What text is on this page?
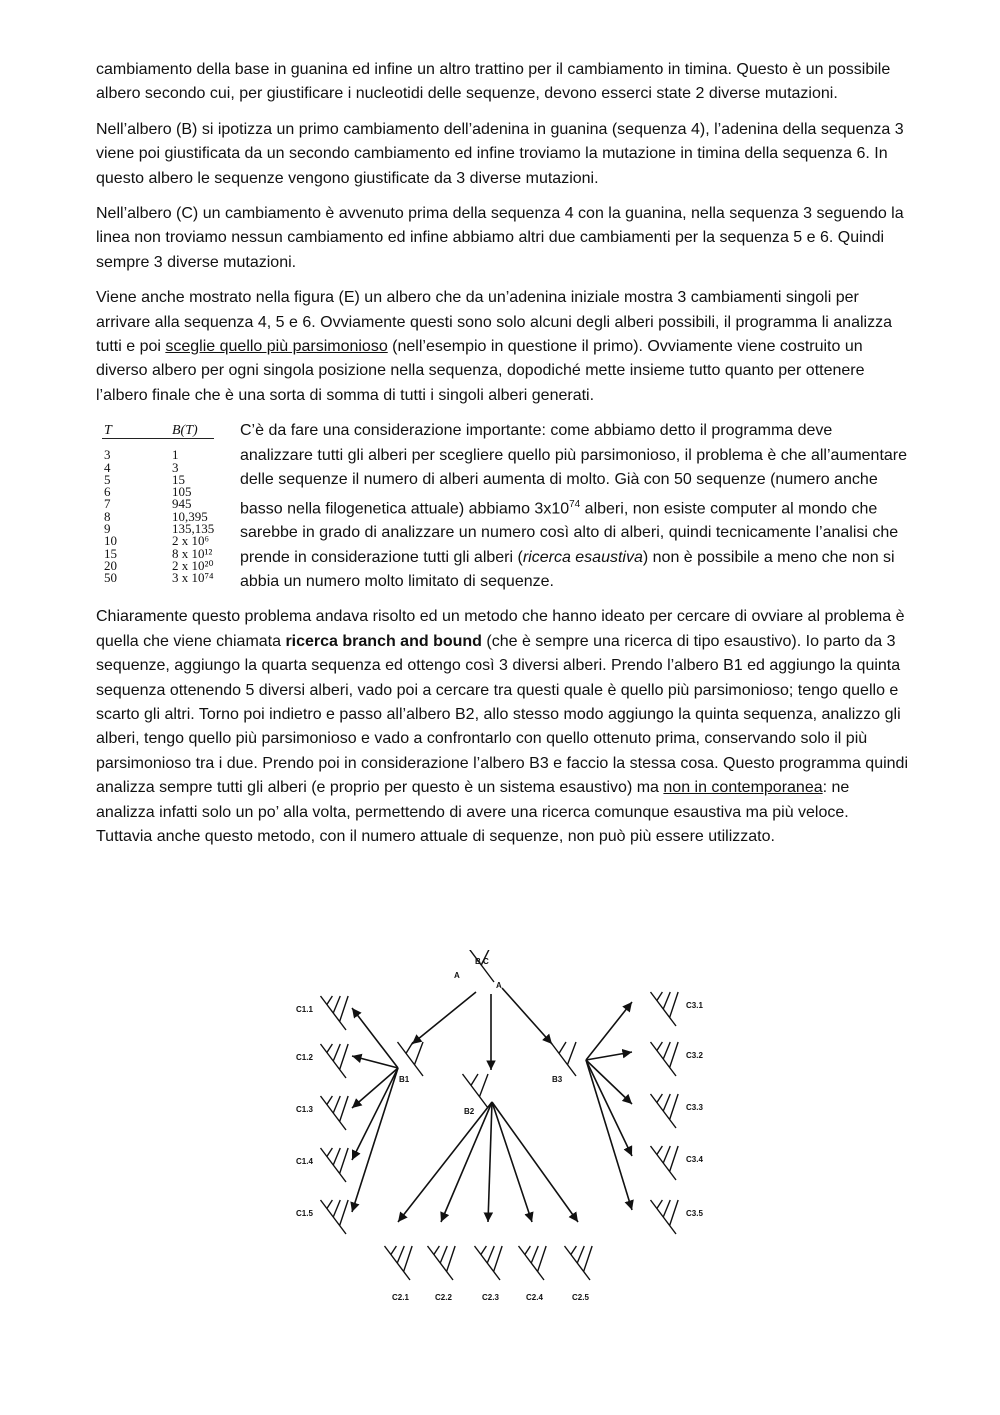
cambiamento della base in guanina ed infine un altro trattino per il cambiamento in timina. Questo è un possibile albero secondo cui, per giustificare i nucleotidi delle sequenze, devono esserci state 2 diverse mutazioni.

Nell’albero (B) si ipotizza un primo cambiamento dell’adenina in guanina (sequenza 4), l’adenina della sequenza 3 viene poi giustificata da un secondo cambiamento ed infine troviamo la mutazione in timina della sequenza 6. In questo albero le sequenze vengono giustificate da 3 diverse mutazioni.

Nell’albero (C) un cambiamento è avvenuto prima della sequenza 4 con la guanina, nella sequenza 3 seguendo la linea non troviamo nessun cambiamento ed infine abbiamo altri due cambiamenti per la sequenza 5 e 6. Quindi sempre 3 diverse mutazioni.

Viene anche mostrato nella figura (E) un albero che da un’adenina iniziale mostra 3 cambiamenti singoli per arrivare alla sequenza 4, 5 e 6. Ovviamente questi sono solo alcuni degli alberi possibili, il programma li analizza tutti e poi sceglie quello più parsimonioso (nell’esempio in questione il primo). Ovviamente viene costruito un diverso albero per ogni singola posizione nella sequenza, dopodiché mette insieme tutto quanto per ottenere l’albero finale che è una sorta di somma di tutti i singoli alberi generati.

T	B(T)
3	1
4	3
5	15
6	105
7	945
8	10,395
9	135,135
10	2 x 10⁶
15	8 x 10¹²
20	2 x 10²⁰
50	3 x 10⁷⁴

C’è da fare una considerazione importante: come abbiamo detto il programma deve analizzare tutti gli alberi per scegliere quello più parsimonioso, il problema è che all’aumentare delle sequenze il numero di alberi aumenta di molto. Già con 50 sequenze (numero anche basso nella filogenetica attuale) abbiamo $3x10^{74}$ alberi, non esiste computer al mondo che sarebbe in grado di analizzare un numero così alto di alberi, quindi tecnicamente l’analisi che prende in considerazione tutti gli alberi (ricerca esaustiva) non è possibile a meno che non si abbia un numero molto limitato di sequenze.

Chiaramente questo problema andava risolto ed un metodo che hanno ideato per cercare di ovviare al problema è quella che viene chiamata ricerca branch and bound (che è sempre una ricerca di tipo esaustivo). Io parto da 3 sequenze, aggiungo la quarta sequenza ed ottengo così 3 diversi alberi. Prendo l’albero B1 ed aggiungo la quinta sequenza ottenendo 5 diversi alberi, vado poi a cercare tra questi quale è quello più parsimonioso; tengo quello e scarto gli altri. Torno poi indietro e passo all’albero B2, allo stesso modo aggiungo la quinta sequenza, analizzo gli alberi, tengo quello più parsimonioso e vado a confrontarlo con quello ottenuto prima, conservando solo il più parsimonioso tra i due. Prendo poi in considerazione l’albero B3 e faccio la stessa cosa. Questo programma quindi analizza sempre tutti gli alberi (e proprio per questo è un sistema esaustivo) ma non in contemporanea: ne analizza infatti solo un po’ alla volta, permettendo di avere una ricerca comunque esaustiva ma più veloce. Tuttavia anche questo metodo, con il numero attuale di sequenze, non può più essere utilizzato.

B C
A
A
B1
B2
B3
C1.1
C1.2
C1.3
C1.4
C1.5
C3.1
C3.2
C3.3
C3.4
C3.5
C2.1	C2.2	C2.3	C2.4	C2.5
